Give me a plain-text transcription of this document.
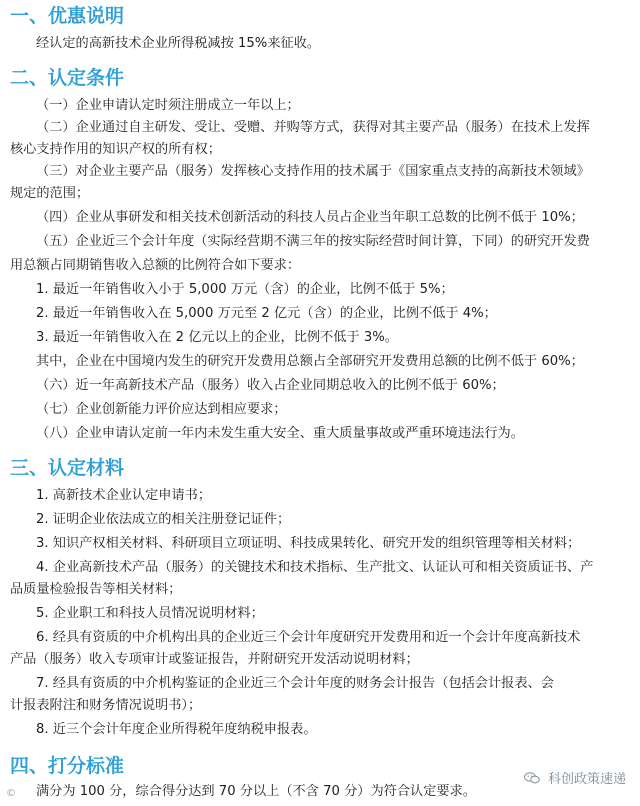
一、优惠说明
经认定的高新技术企业所得税减按 15%来征收。
二、认定条件
（一）企业申请认定时须注册成立一年以上；
（二）企业通过自主研发、受让、受赠、并购等方式，获得对其主要产品（服务）在技术上发挥
核心支持作用的知识产权的所有权；
（三）对企业主要产品（服务）发挥核心支持作用的技术属于《国家重点支持的高新技术领域》
规定的范围；
（四）企业从事研发和相关技术创新活动的科技人员占企业当年职工总数的比例不低于 10%；
（五）企业近三个会计年度（实际经营期不满三年的按实际经营时间计算，下同）的研究开发费
用总额占同期销售收入总额的比例符合如下要求：
1. 最近一年销售收入小于 5,000 万元（含）的企业，比例不低于 5%；
2. 最近一年销售收入在 5,000 万元至 2 亿元（含）的企业，比例不低于 4%；
3. 最近一年销售收入在 2 亿元以上的企业，比例不低于 3%。
其中，企业在中国境内发生的研究开发费用总额占全部研究开发费用总额的比例不低于 60%；
（六）近一年高新技术产品（服务）收入占企业同期总收入的比例不低于 60%；
（七）企业创新能力评价应达到相应要求；
（八）企业申请认定前一年内未发生重大安全、重大质量事故或严重环境违法行为。
三、认定材料
1. 高新技术企业认定申请书；
2. 证明企业依法成立的相关注册登记证件；
3. 知识产权相关材料、科研项目立项证明、科技成果转化、研究开发的组织管理等相关材料；
4. 企业高新技术产品（服务）的关键技术和技术指标、生产批文、认证认可和相关资质证书、产
品质量检验报告等相关材料；
5. 企业职工和科技人员情况说明材料；
6. 经具有资质的中介机构出具的企业近三个会计年度研究开发费用和近一个会计年度高新技术
产品（服务）收入专项审计或鉴证报告，并附研究开发活动说明材料；
7. 经具有资质的中介机构鉴证的企业近三个会计年度的财务会计报告（包括会计报表、会
计报表附注和财务情况说明书）；
8. 近三个会计年度企业所得税年度纳税申报表。
四、打分标准
满分为 100 分，综合得分达到 70 分以上（不含 70 分）为符合认定要求。
科创政策速递
©
